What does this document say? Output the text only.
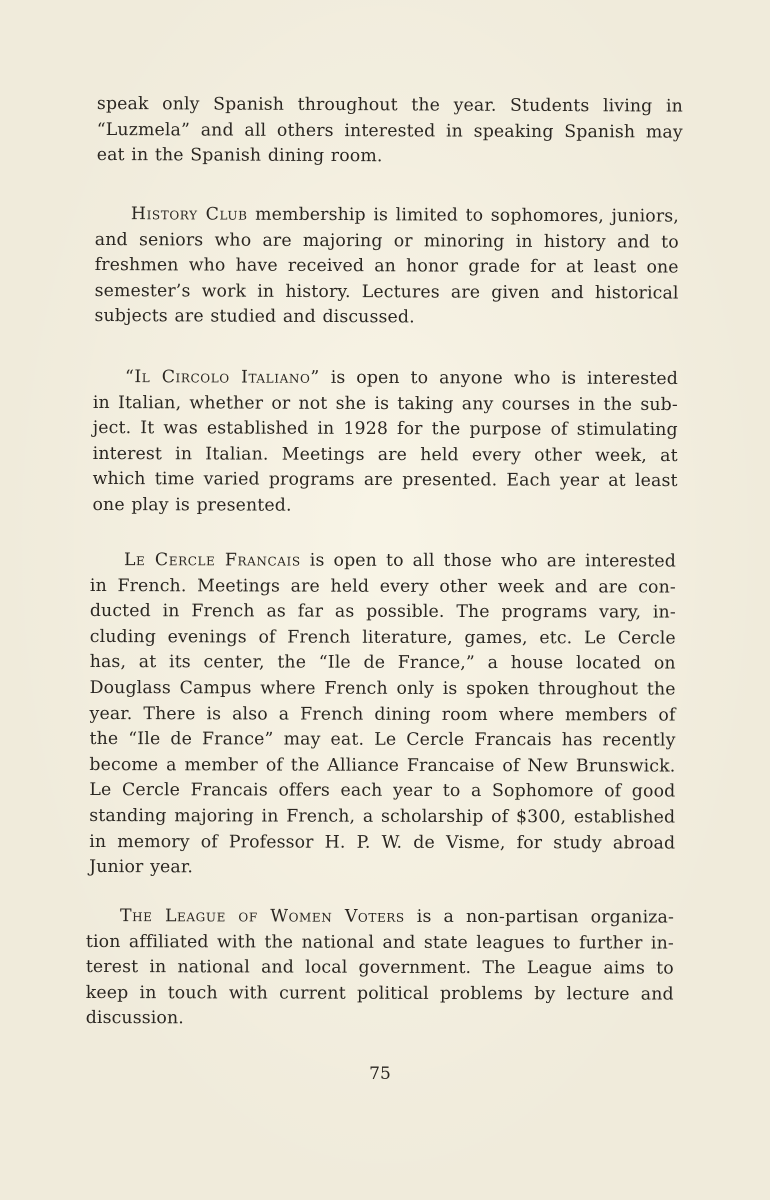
speak only Spanish throughout the year. Students living in
“Luzmela” and all others interested in speaking Spanish may
eat in the Spanish dining room.

History Club membership is limited to sophomores, juniors,
and seniors who are majoring or minoring in history and to
freshmen who have received an honor grade for at least one
semester’s work in history. Lectures are given and historical
subjects are studied and discussed.

“Il Circolo Italiano” is open to anyone who is interested
in Italian, whether or not she is taking any courses in the sub-
ject. It was established in 1928 for the purpose of stimulating
interest in Italian. Meetings are held every other week, at
which time varied programs are presented. Each year at least
one play is presented.

Le Cercle Francais is open to all those who are interested
in French. Meetings are held every other week and are con-
ducted in French as far as possible. The programs vary, in-
cluding evenings of French literature, games, etc. Le Cercle
has, at its center, the “Ile de France,” a house located on
Douglass Campus where French only is spoken throughout the
year. There is also a French dining room where members of
the “Ile de France” may eat. Le Cercle Francais has recently
become a member of the Alliance Francaise of New Brunswick.
Le Cercle Francais offers each year to a Sophomore of good
standing majoring in French, a scholarship of $300, established
in memory of Professor H. P. W. de Visme, for study abroad
Junior year.

The League of Women Voters is a non-partisan organiza-
tion affiliated with the national and state leagues to further in-
terest in national and local government. The League aims to
keep in touch with current political problems by lecture and
discussion.

75
